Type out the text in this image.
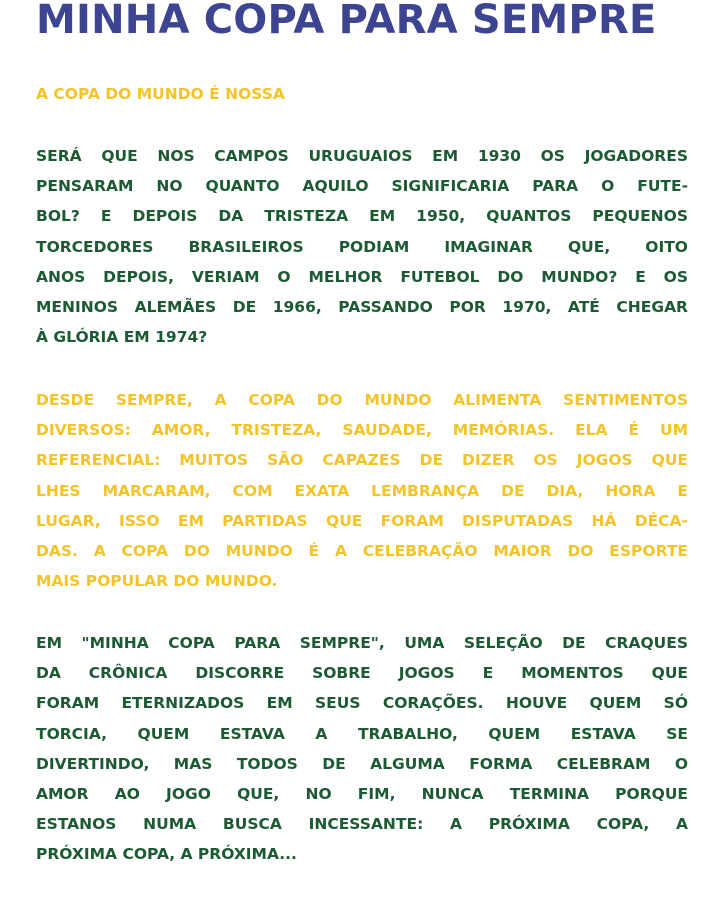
MINHA COPA PARA SEMPRE
A COPA DO MUNDO É NOSSA

SERÁ QUE NOS CAMPOS URUGUAIOS EM 1930 OS JOGADORES
PENSARAM NO QUANTO AQUILO SIGNIFICARIA PARA O FUTE-
BOL? E DEPOIS DA TRISTEZA EM 1950, QUANTOS PEQUENOS
TORCEDORES BRASILEIROS PODIAM IMAGINAR QUE, OITO
ANOS DEPOIS, VERIAM O MELHOR FUTEBOL DO MUNDO? E OS
MENINOS ALEMÃES DE 1966, PASSANDO POR 1970, ATÉ CHEGAR
À GLÓRIA EM 1974?

DESDE SEMPRE, A COPA DO MUNDO ALIMENTA SENTIMENTOS
DIVERSOS: AMOR, TRISTEZA, SAUDADE, MEMÓRIAS. ELA É UM
REFERENCIAL: MUITOS SÃO CAPAZES DE DIZER OS JOGOS QUE
LHES MARCARAM, COM EXATA LEMBRANÇA DE DIA, HORA E
LUGAR, ISSO EM PARTIDAS QUE FORAM DISPUTADAS HÁ DÉCA-
DAS. A COPA DO MUNDO É A CELEBRAÇÃO MAIOR DO ESPORTE
MAIS POPULAR DO MUNDO.

EM "MINHA COPA PARA SEMPRE", UMA SELEÇÃO DE CRAQUES
DA CRÔNICA DISCORRE SOBRE JOGOS E MOMENTOS QUE
FORAM ETERNIZADOS EM SEUS CORAÇÕES. HOUVE QUEM SÓ
TORCIA, QUEM ESTAVA A TRABALHO, QUEM ESTAVA SE
DIVERTINDO, MAS TODOS DE ALGUMA FORMA CELEBRAM O
AMOR AO JOGO QUE, NO FIM, NUNCA TERMINA PORQUE
ESTANOS NUMA BUSCA INCESSANTE: A PRÓXIMA COPA, A
PRÓXIMA COPA, A PRÓXIMA...
